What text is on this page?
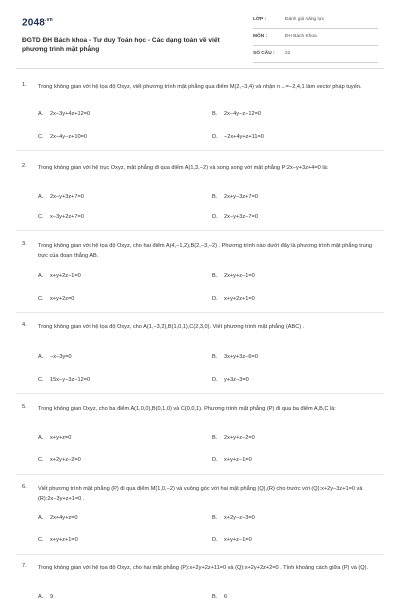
$2048^{.vn}$
ĐGTD ĐH Bách khoa - Tư duy Toán học - Các dạng toán về viết phương trình mặt phẳng
LỚP :	Đánh giá năng lực
MÔN :	ĐH Bách Khoa
SỐ CÂU : 22
1. Trong không gian với hệ tọa độ Oxyz, viết phương trình mặt phẳng qua điểm M(2,−3,4) và nhận n→=−2,4,1 làm vectơ pháp tuyến.
A. 2x−3y+4z+12=0	B. 2x−4y−z−12=0
C. 2x−4y−z+10=0	D. −2x+4y+z+11=0
2. Trong không gian với hệ trục Oxyz, mặt phẳng đi qua điểm A(1,3,−2) và song song với mặt phẳng P:2x−y+3z+4=0 là:
A. 2x−y+3z+7=0	B. 2x+y−3z+7=0
C. x−3y+2z+7=0	D. 2x−y+3z−7=0
3. Trong không gian với hệ tọa độ Oxyz, cho hai điểm A(4,−1,2),B(2,−3,−2) . Phương trình nào dưới đây là phương trình mặt phẳng trung trực của đoạn thẳng AB.
A. x+y+2z−1=0	B. 2x+y+z−1=0
C. x+y+2z=0	D. x+y+2z+1=0
4. Trong không gian với hệ tọa độ Oxyz, cho A(1,−3,2),B(1,0,1),C(2,3,0). Viết phương trình mặt phẳng (ABC) .
A. −x−3y=0	B. 3x+y+3z−6=0
C. 15x−y−3z−12=0	D. y+3z−3=0
5. Trong không gian Oxyz, cho ba điểm A(1,0,0),B(0,1,0) và C(0,0,1). Phương trình mặt phẳng (P) đi qua ba điểm A,B,C là:
A. x+y+z=0	B. 2x+y+z−2=0
C. x+2y+z−2=0	D. x+y+z−1=0
6. Viết phương trình mặt phẳng (P) đi qua điểm M(1,0,−2) và vuông góc với hai mặt phẳng (Q),(R) cho trước với (Q):x+2y−3z+1=0 và (R):2x−3y+z+1=0 .
A. 2x+4y+z=0	B. x+2y−z−3=0
C. x+y+z+1=0	D. x+y+z−1=0
7. Trong không gian với hệ tọa độ Oxyz, cho hai mặt phẳng (P):x+2y+2z+11=0 và (Q):x+2y+2z+2=0 . Tính khoảng cách giữa (P) và (Q).
A. 9	B. 6
